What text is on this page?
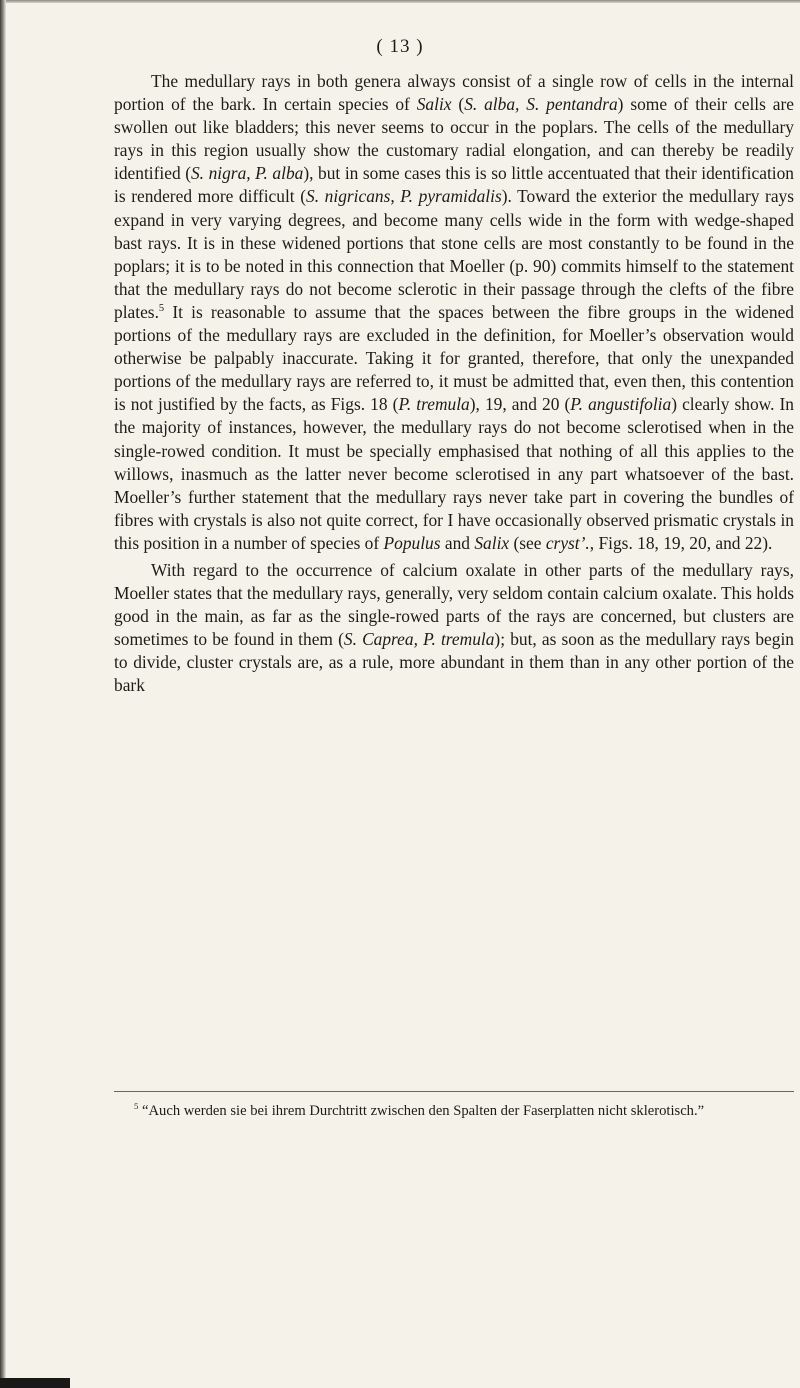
( 13 )

The medullary rays in both genera always consist of a single row of cells in the internal portion of the bark. In certain species of Salix (S. alba, S. pentandra) some of their cells are swollen out like bladders; this never seems to occur in the poplars. The cells of the medullary rays in this region usually show the customary radial elongation, and can thereby be readily identified (S. nigra, P. alba), but in some cases this is so little accentuated that their identification is rendered more difficult (S. nigricans, P. pyramidalis). Toward the exterior the medullary rays expand in very varying degrees, and become many cells wide in the form with wedge-shaped bast rays. It is in these widened portions that stone cells are most constantly to be found in the poplars; it is to be noted in this connection that Moeller (p. 90) commits himself to the statement that the medullary rays do not become sclerotic in their passage through the clefts of the fibre plates.$^5$ It is reasonable to assume that the spaces between the fibre groups in the widened portions of the medullary rays are excluded in the definition, for Moeller’s observation would otherwise be palpably inaccurate. Taking it for granted, therefore, that only the unexpanded portions of the medullary rays are referred to, it must be admitted that, even then, this contention is not justified by the facts, as Figs. 18 (P. tremula), 19, and 20 (P. angustifolia) clearly show. In the majority of instances, however, the medullary rays do not become sclerotised when in the single-rowed condition. It must be specially emphasised that nothing of all this applies to the willows, inasmuch as the latter never become sclerotised in any part whatsoever of the bast. Moeller’s further statement that the medullary rays never take part in covering the bundles of fibres with crystals is also not quite correct, for I have occasionally observed prismatic crystals in this position in a number of species of Populus and Salix (see cryst’., Figs. 18, 19, 20, and 22).

With regard to the occurrence of calcium oxalate in other parts of the medullary rays, Moeller states that the medullary rays, generally, very seldom contain calcium oxalate. This holds good in the main, as far as the single-rowed parts of the rays are concerned, but clusters are sometimes to be found in them (S. Caprea, P. tremula); but, as soon as the medullary rays begin to divide, cluster crystals are, as a rule, more abundant in them than in any other portion of the bark

$^5$ “Auch werden sie bei ihrem Durchtritt zwischen den Spalten der Faserplatten nicht sklerotisch.”
